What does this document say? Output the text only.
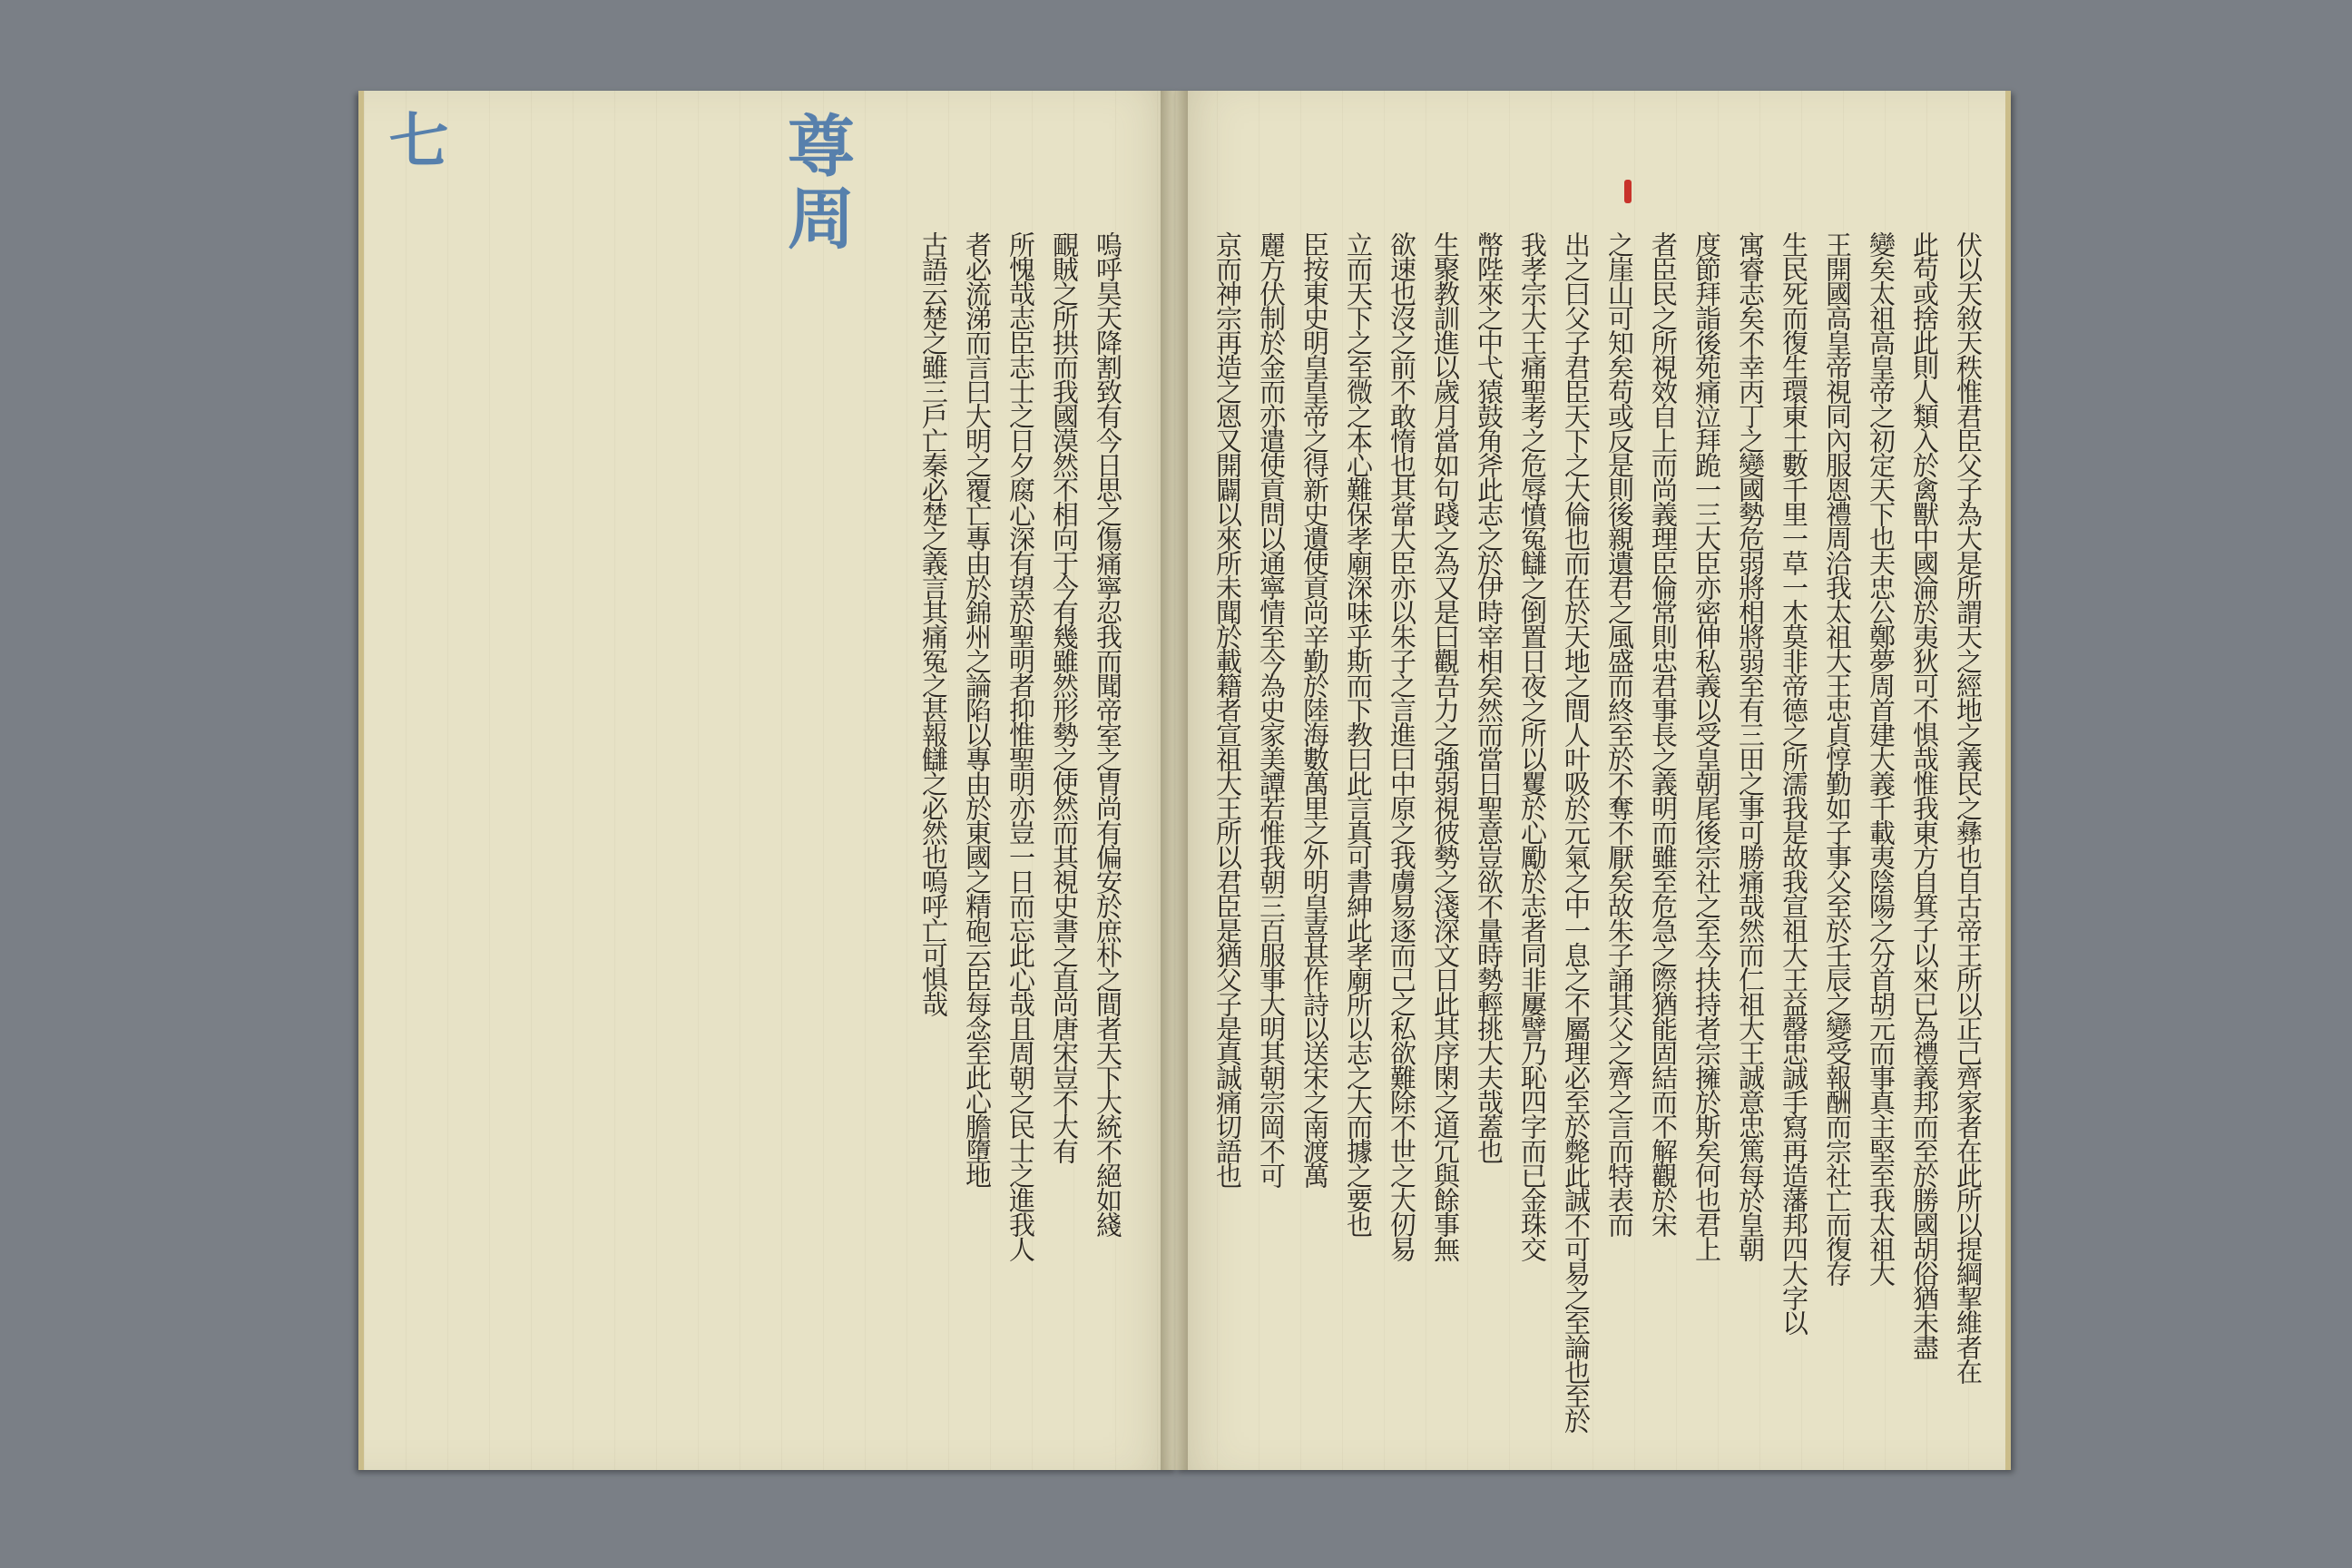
七	尊周
嗚呼昊天降割致有今日思之傷痛寧忍我而聞帝室之胄尚有偏安於庶朴之間者天下大統不絕如綫
靦賊之所拱而我國漠然不相向于今有幾雖然形勢之使然而其視史書之直尚唐宋豈不大有
所愧哉志臣志士之日夕腐心深有望於聖明者抑惟聖明亦豈一日而忘此心哉且周朝之民士之進我人
者必流涕而言曰大明之覆亡專由於錦州之論陷以專由於東國之精砲云臣每念至此心膽墮地
古語云楚之雖三戶亡秦必楚之義言其痛冤之甚報讎之必然也嗚呼亡可惧哉	伏以天敘天秩惟君臣父子為大是所謂天之經地之義民之彝也自古帝王所以正己齊家者在此所以提綱挈維者在
此苟或捨此則人類入於禽獸中國淪於夷狄可不惧哉惟我東方自箕子以來已為禮義邦而至於勝國胡俗猶未盡
變矣太祖高皇帝之初定天下也夫忠公鄭夢周首建大義千載夷陰陽之分首胡元而事真主堅至我太祖大
王開國高皇帝視同內服恩禮周洽我太祖大王忠貞惇勤如子事父至於壬辰之變受報酬而宗社亡而復存
生民死而復生環東土數千里一草一木莫非帝德之所濡我是故我宣祖大王益罄忠誠手寫再造藩邦四大字以
寓睿志矣不幸丙丁之變國勢危弱將相將弱至有三田之事可勝痛哉然而仁祖大王誠意忠篤每於皇朝
度節拜詣後苑痛泣拜跪一三大臣亦密伸私義以受皇朝尾後宗社之至今扶持者宗擁於斯矣何也君上
者臣民之所視效自上而尚義理臣倫常則忠君事長之義明而雖至危急之際猶能固結而不解觀於宋
之崖山可知矣苟或反是則後親遺君之風盛而終至於不奪不厭矣故朱子誦其父之齊之言而特表而
出之曰父子君臣天下之大倫也而在於天地之間人叶吸於元氣之中一息之不屬理必至於斃此誠不可易之至論也至於
我孝宗大王痛聖考之危辱憤冤讎之倒置日夜之所以矍於心勵於志者同非屢譬乃恥四字而已金珠交
幣陛來之中弋猿鼓角斧此志之於伊時宰相矣然而當日聖意豈欲不量時勢輕挑大夫哉蓋也
生聚教訓進以歲月當如句踐之為又是曰觀吾力之強弱視彼勢之淺深文日此其序閑之道冗與餘事無
欲速也沒之前不敢惰也其當大臣亦以朱子之言進曰中原之我虜易逐而己之私欲難除不世之大仞易
立而天下之至微之本心難保孝廟深味乎斯而下教曰此言真可書紳此孝廟所以志之大而據之要也
臣按東史明皇皇帝之得新史遺使貢尚辛勤於陸海數萬里之外明皇喜甚作詩以送宋之南渡萬
麗方伏制於金而亦遣使貢問以通寧情至今為史家美譚若惟我朝三百服事大明其朝宗岡不可
京而神宗再造之恩又開闢以來所未聞於載籍者宣祖大王所以君臣是猶父子是真誠痛切語也
